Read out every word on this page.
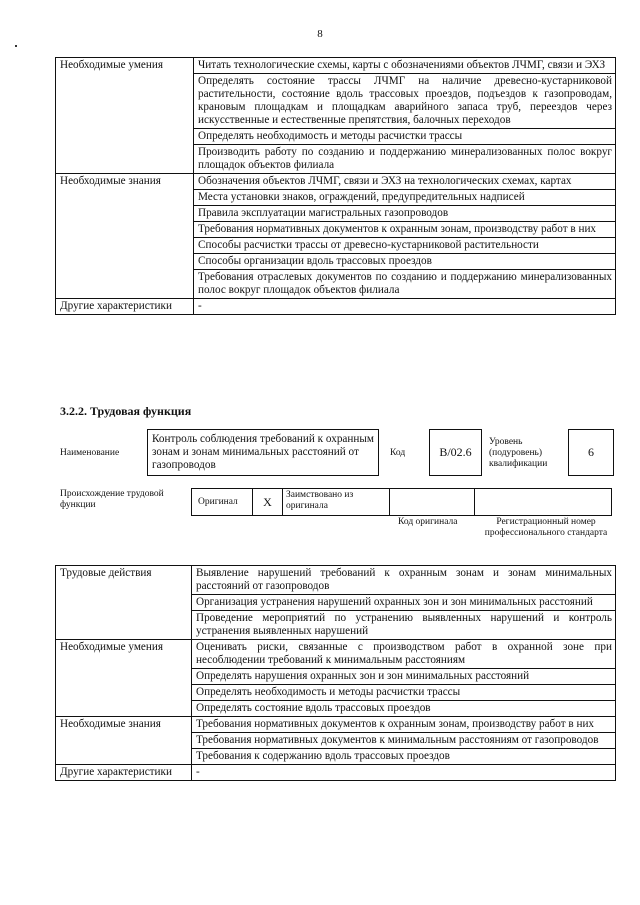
8
Необходимые умения	Читать технологические схемы, карты с обозначениями объектов ЛЧМГ, связи и ЭХЗ
	Определять состояние трассы ЛЧМГ на наличие древесно-кустарниковой растительности, состояние вдоль трассовых проездов, подъездов к газопроводам, крановым площадкам и площадкам аварийного запаса труб, переездов через искусственные и естественные препятствия, балочных переходов
	Определять необходимость и методы расчистки трассы
	Производить работу по созданию и поддержанию минерализованных полос вокруг площадок объектов филиала
Необходимые знания	Обозначения объектов ЛЧМГ, связи и ЭХЗ на технологических схемах, картах
	Места установки знаков, ограждений, предупредительных надписей
	Правила эксплуатации магистральных газопроводов
	Требования нормативных документов к охранным зонам, производству работ в них
	Способы расчистки трассы от древесно-кустарниковой растительности
	Способы организации вдоль трассовых проездов
	Требования отраслевых документов по созданию и поддержанию минерализованных полос вокруг площадок объектов филиала
Другие характеристики	-
3.2.2. Трудовая функция
Наименование
Контроль соблюдения требований к охранным зонам и зонам минимальных расстояний от газопроводов
Код	B/02.6
Уровень (подуровень) квалификации
6
Происхождение трудовой функции	Оригинал X	Заимствовано из оригинала
Код оригинала	Регистрационный номер профессионального стандарта
Трудовые действия	Выявление нарушений требований к охранным зонам и зонам минимальных расстояний от газопроводов
	Организация устранения нарушений охранных зон и зон минимальных расстояний
	Проведение мероприятий по устранению выявленных нарушений и контроль устранения выявленных нарушений
Необходимые умения	Оценивать риски, связанные с производством работ в охранной зоне при несоблюдении требований к минимальным расстояниям
	Определять нарушения охранных зон и зон минимальных расстояний
	Определять необходимость и методы расчистки трассы
	Определять состояние вдоль трассовых проездов
Необходимые знания	Требования нормативных документов к охранным зонам, производству работ в них
	Требования нормативных документов к минимальным расстояниям от газопроводов
	Требования к содержанию вдоль трассовых проездов
Другие характеристики	-
